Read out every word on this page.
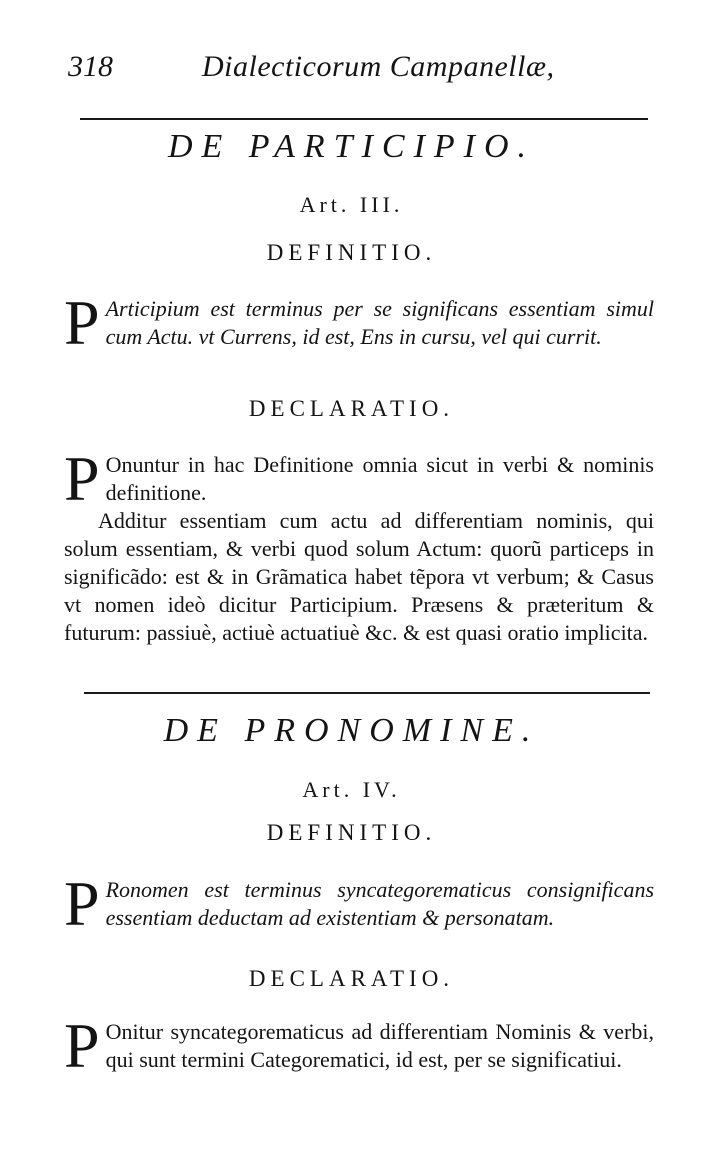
318	Dialecticorum Campanellæ,
DE PARTICIPIO.
Art. III.
DEFINITIO.

P Articipium est terminus per se significans essentiam simul cum Actu. vt Currens, id est, Ens in cursu, vel qui currit.

DECLARATIO.

P Onuntur in hac Definitione omnia sicut in verbi & nominis definitione.

Additur essentiam cum actu ad differentiam nominis, qui solum essentiam, & verbi quod solum Actum: quorũ particeps in significãdo: est & in Grãmatica habet tẽpora vt verbum; & Casus vt nomen ideò dicitur Participium. Præsens & præteritum & futurum: passiuè, actiuè actuatiuè &c. & est quasi oratio implicita.

DE PRONOMINE.
Art. IV.
DEFINITIO.

P Ronomen est terminus syncategorematicus consignificans essentiam deductam ad existentiam & personatam.

DECLARATIO.

P Onitur syncategorematicus ad differentiam Nominis & verbi, qui sunt termini Categorematici, id est, per se significatiui.
